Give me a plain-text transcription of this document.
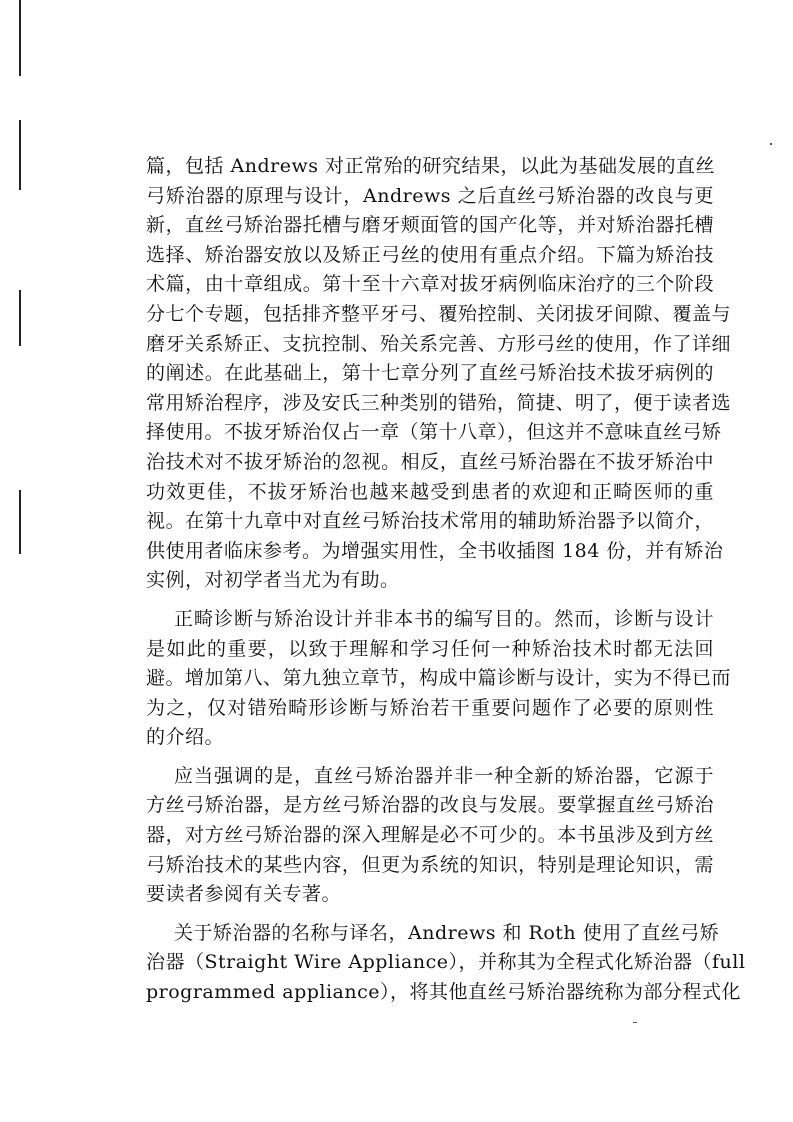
篇，包括 Andrews 对正常殆的研究结果，以此为基础发展的直丝
弓矫治器的原理与设计，Andrews 之后直丝弓矫治器的改良与更
新，直丝弓矫治器托槽与磨牙颊面管的国产化等，并对矫治器托槽
选择、矫治器安放以及矫正弓丝的使用有重点介绍。下篇为矫治技
术篇，由十章组成。第十至十六章对拔牙病例临床治疗的三个阶段
分七个专题，包括排齐整平牙弓、覆殆控制、关闭拔牙间隙、覆盖与
磨牙关系矫正、支抗控制、殆关系完善、方形弓丝的使用，作了详细
的阐述。在此基础上，第十七章分列了直丝弓矫治技术拔牙病例的
常用矫治程序，涉及安氏三种类别的错殆，简捷、明了，便于读者选
择使用。不拔牙矫治仅占一章（第十八章），但这并不意味直丝弓矫
治技术对不拔牙矫治的忽视。相反，直丝弓矫治器在不拔牙矫治中
功效更佳，不拔牙矫治也越来越受到患者的欢迎和正畸医师的重
视。在第十九章中对直丝弓矫治技术常用的辅助矫治器予以简介，
供使用者临床参考。为增强实用性，全书收插图 184 份，并有矫治
实例，对初学者当尤为有助。
正畸诊断与矫治设计并非本书的编写目的。然而，诊断与设计
是如此的重要，以致于理解和学习任何一种矫治技术时都无法回
避。增加第八、第九独立章节，构成中篇诊断与设计，实为不得已而
为之，仅对错殆畸形诊断与矫治若干重要问题作了必要的原则性
的介绍。
应当强调的是，直丝弓矫治器并非一种全新的矫治器，它源于
方丝弓矫治器，是方丝弓矫治器的改良与发展。要掌握直丝弓矫治
器，对方丝弓矫治器的深入理解是必不可少的。本书虽涉及到方丝
弓矫治技术的某些内容，但更为系统的知识，特别是理论知识，需
要读者参阅有关专著。
关于矫治器的名称与译名，Andrews 和 Roth 使用了直丝弓矫
治器（Straight Wire Appliance），并称其为全程式化矫治器（full
programmed appliance），将其他直丝弓矫治器统称为部分程式化
